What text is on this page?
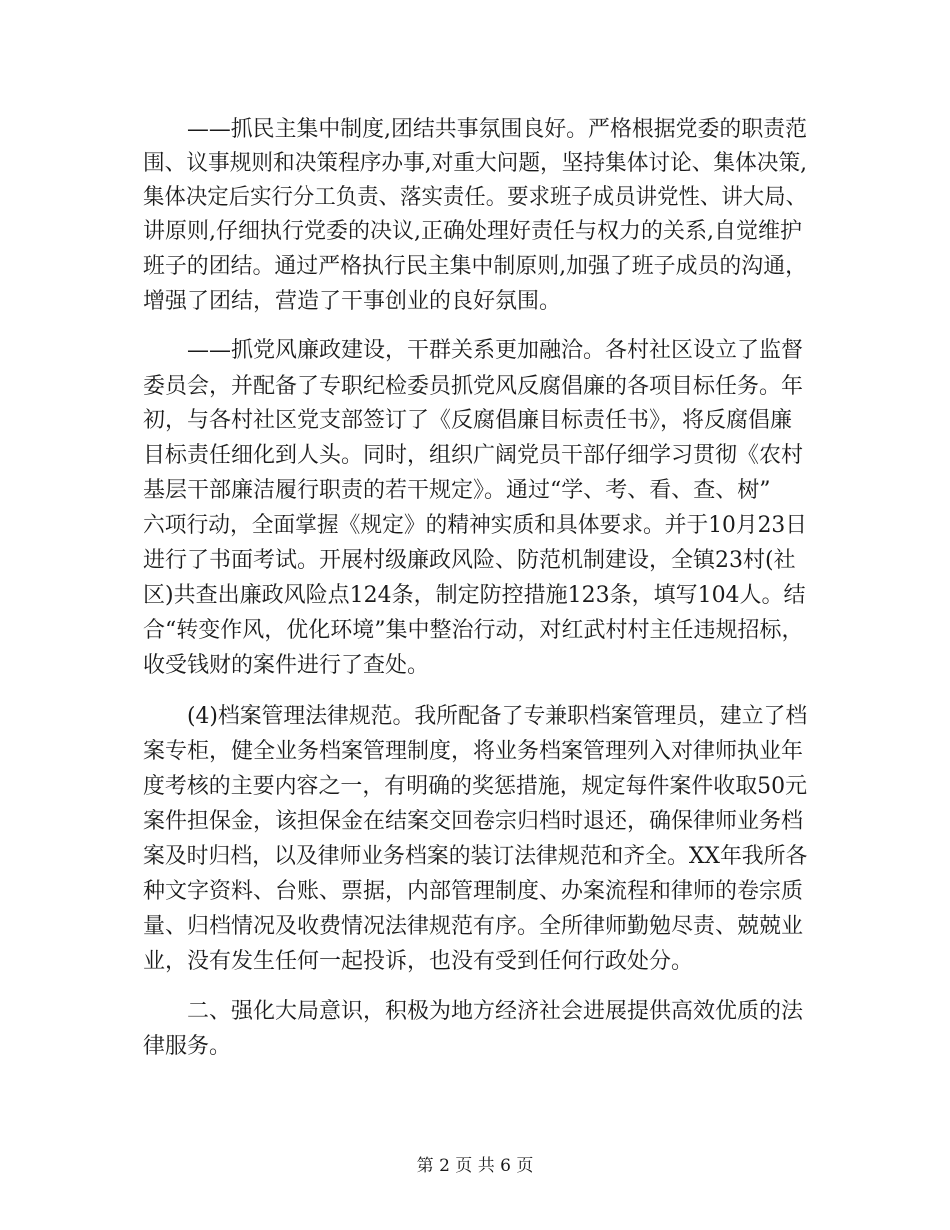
——抓民主集中制度,团结共事氛围良好。严格根据党委的职责范
围、议事规则和决策程序办事,对重大问题，坚持集体讨论、集体决策,
集体决定后实行分工负责、落实责任。要求班子成员讲党性、讲大局、
讲原则,仔细执行党委的决议,正确处理好责任与权力的关系,自觉维护
班子的团结。通过严格执行民主集中制原则,加强了班子成员的沟通，
增强了团结，营造了干事创业的良好氛围。
——抓党风廉政建设，干群关系更加融洽。各村社区设立了监督
委员会，并配备了专职纪检委员抓党风反腐倡廉的各项目标任务。年
初，与各村社区党支部签订了《反腐倡廉目标责任书》，将反腐倡廉
目标责任细化到人头。同时，组织广阔党员干部仔细学习贯彻《农村
基层干部廉洁履行职责的若干规定》。通过“学、考、看、查、树”
六项行动，全面掌握《规定》的精神实质和具体要求。并于10月23日
进行了书面考试。开展村级廉政风险、防范机制建设，全镇23村(社
区)共查出廉政风险点124条，制定防控措施123条，填写104人。结
合“转变作风，优化环境”集中整治行动，对红武村村主任违规招标，
收受钱财的案件进行了查处。
(4)档案管理法律规范。我所配备了专兼职档案管理员，建立了档
案专柜，健全业务档案管理制度，将业务档案管理列入对律师执业年
度考核的主要内容之一，有明确的奖惩措施，规定每件案件收取50元
案件担保金，该担保金在结案交回卷宗归档时退还，确保律师业务档
案及时归档，以及律师业务档案的装订法律规范和齐全。XX年我所各
种文字资料、台账、票据，内部管理制度、办案流程和律师的卷宗质
量、归档情况及收费情况法律规范有序。全所律师勤勉尽责、兢兢业
业，没有发生任何一起投诉，也没有受到任何行政处分。
二、强化大局意识，积极为地方经济社会进展提供高效优质的法
律服务。
第 2 页 共 6 页
